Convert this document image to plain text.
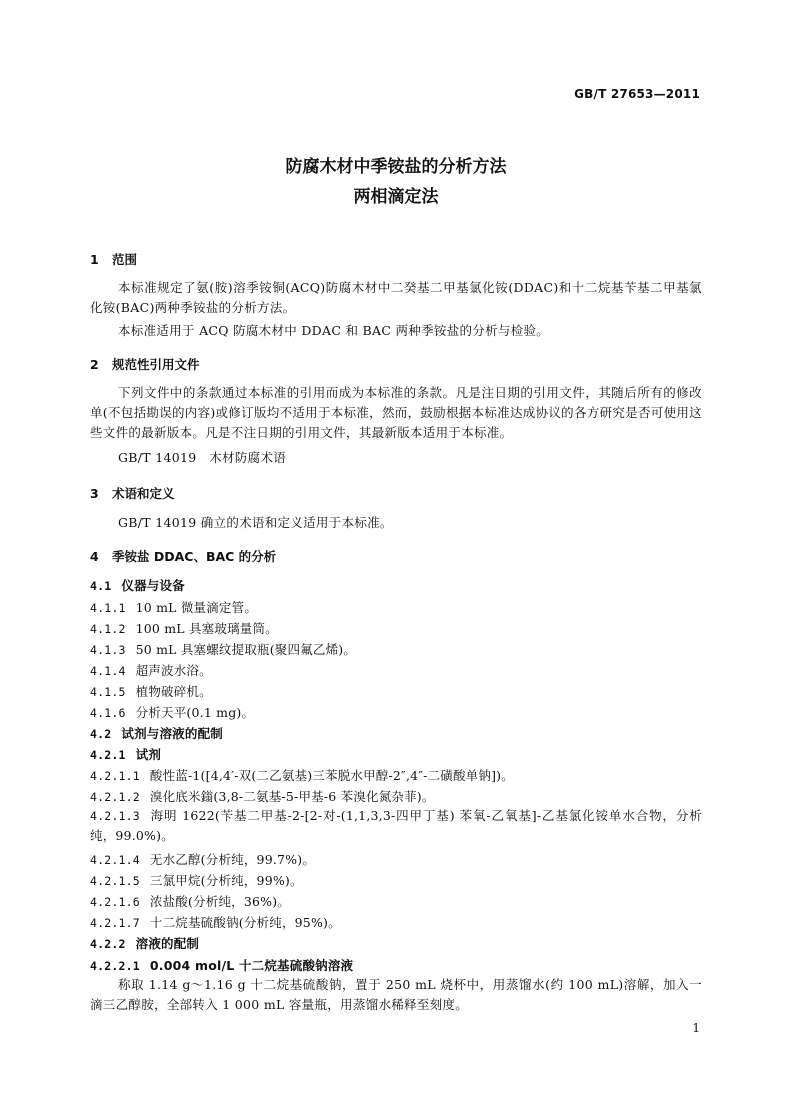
GB/T 27653—2011
防腐木材中季铵盐的分析方法
两相滴定法
1 范围
本标准规定了氨(胺)溶季铵铜(ACQ)防腐木材中二癸基二甲基氯化铵(DDAC)和十二烷基苄基二甲基氯化铵(BAC)两种季铵盐的分析方法。
本标准适用于 ACQ 防腐木材中 DDAC 和 BAC 两种季铵盐的分析与检验。
2 规范性引用文件
下列文件中的条款通过本标准的引用而成为本标准的条款。凡是注日期的引用文件，其随后所有的修改单(不包括勘误的内容)或修订版均不适用于本标准，然而，鼓励根据本标准达成协议的各方研究是否可使用这些文件的最新版本。凡是不注日期的引用文件，其最新版本适用于本标准。
GB/T 14019　木材防腐术语
3 术语和定义
GB/T 14019 确立的术语和定义适用于本标准。
4 季铵盐 DDAC、BAC 的分析
4.1 仪器与设备
4.1.1 10 mL 微量滴定管。
4.1.2 100 mL 具塞玻璃量筒。
4.1.3 50 mL 具塞螺纹提取瓶(聚四氟乙烯)。
4.1.4 超声波水浴。
4.1.5 植物破碎机。
4.1.6 分析天平(0.1 mg)。
4.2 试剂与溶液的配制
4.2.1 试剂
4.2.1.1 酸性蓝-1([4,4′-双(二乙氨基)三苯脱水甲醇-2″,4″-二磺酸单钠])。
4.2.1.2 溴化底米鎓(3,8-二氨基-5-甲基-6 苯溴化氮杂菲)。
4.2.1.3 海明 1622(苄基二甲基-2-[2-对-(1,1,3,3-四甲丁基) 苯氧-乙氧基]-乙基氯化铵单水合物，分析纯，99.0%)。
4.2.1.4 无水乙醇(分析纯，99.7%)。
4.2.1.5 三氯甲烷(分析纯，99%)。
4.2.1.6 浓盐酸(分析纯，36%)。
4.2.1.7 十二烷基硫酸钠(分析纯，95%)。
4.2.2 溶液的配制
4.2.2.1 0.004 mol/L 十二烷基硫酸钠溶液
称取 1.14 g～1.16 g 十二烷基硫酸钠，置于 250 mL 烧杯中，用蒸馏水(约 100 mL)溶解，加入一滴三乙醇胺，全部转入 1 000 mL 容量瓶，用蒸馏水稀释至刻度。
1
